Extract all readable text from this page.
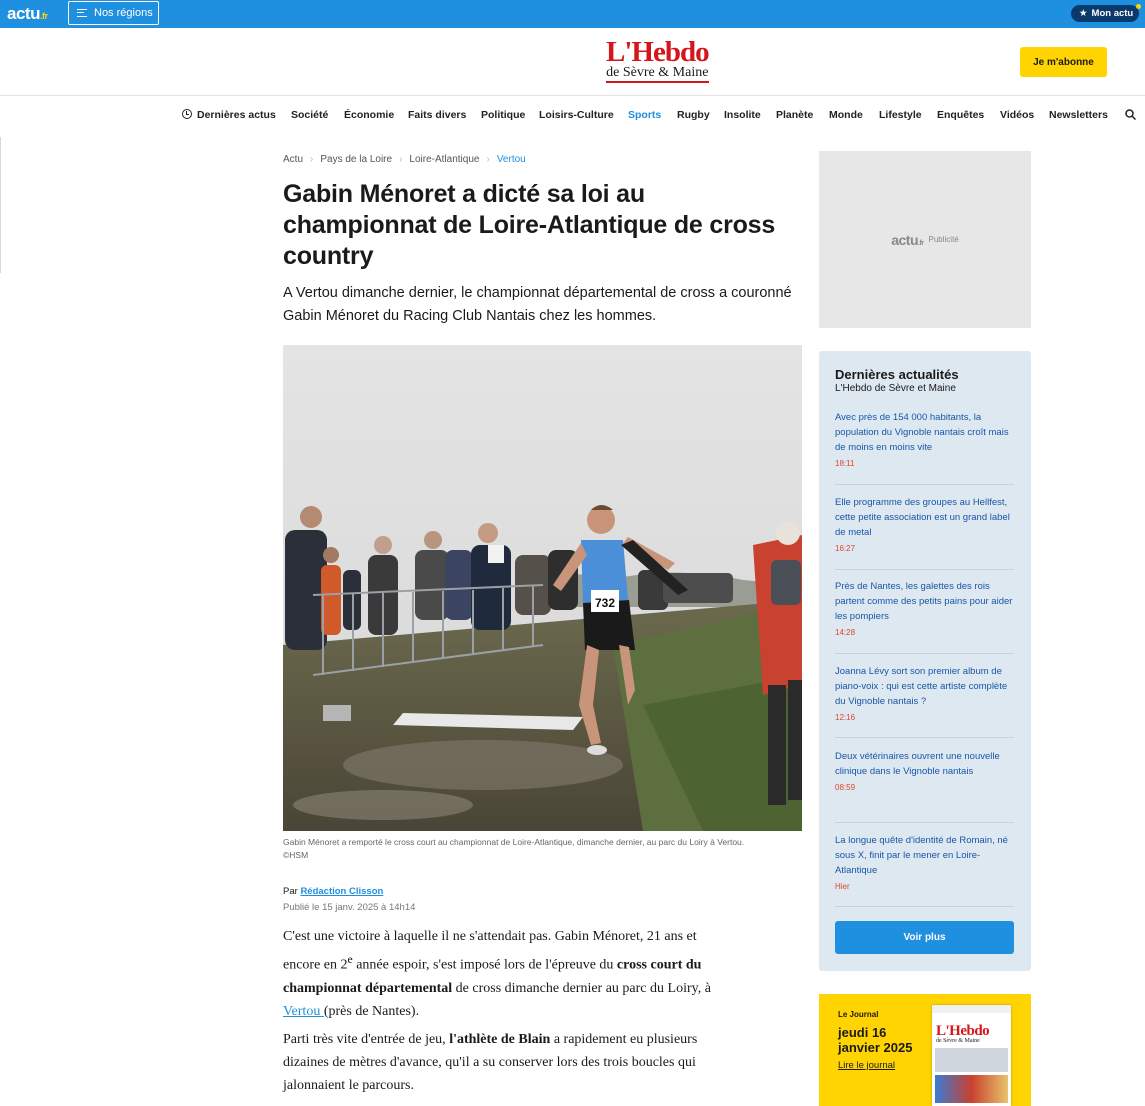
actu.fr	Nos régions	★ Mon actu
L'Hebdo
de Sèvre & Maine
Je m'abonne
Dernières actus Société Économie Faits divers Politique Loisirs-Culture Sports Rugby Insolite Planète Monde Lifestyle Enquêtes Vidéos Newsletters
Actu › Pays de la Loire › Loire-Atlantique › Vertou
Gabin Ménoret a dicté sa loi au championnat de Loire-Atlantique de cross country

A Vertou dimanche dernier, le championnat départemental de cross a couronné Gabin Ménoret du Racing Club Nantais chez les hommes.

732

Gabin Ménoret a remporté le cross court au championnat de Loire-Atlantique, dimanche dernier, au parc du Loiry à Vertou.
©HSM

Par Rédaction Clisson
Publié le 15 janv. 2025 à 14h14

C'est une victoire à laquelle il ne s'attendait pas. Gabin Ménoret, 21 ans et encore en 2e année espoir, s'est imposé lors de l'épreuve du cross court du championnat départemental de cross dimanche dernier au parc du Loiry, à Vertou (près de Nantes).

Parti très vite d'entrée de jeu, l'athlète de Blain a rapidement eu plusieurs dizaines de mètres d'avance, qu'il a su conserver lors des trois boucles qui jalonnaient le parcours.

actu.fr Publicité
Dernières actualités
L'Hebdo de Sèvre et Maine
Avec près de 154 000 habitants, la population du Vignoble nantais croît mais de moins en moins vite
18:11
Elle programme des groupes au Hellfest, cette petite association est un grand label de metal
16:27
Près de Nantes, les galettes des rois partent comme des petits pains pour aider les pompiers
14:28
Joanna Lévy sort son premier album de piano-voix : qui est cette artiste complète du Vignoble nantais ?
12:16
Deux vétérinaires ouvrent une nouvelle clinique dans le Vignoble nantais
08:59
La longue quête d'identité de Romain, né sous X, finit par le mener en Loire-Atlantique
Hier
Voir plus
Le Journal
jeudi 16 janvier 2025
Lire le journal
L'Hebdo
de Sèvre & Maine
